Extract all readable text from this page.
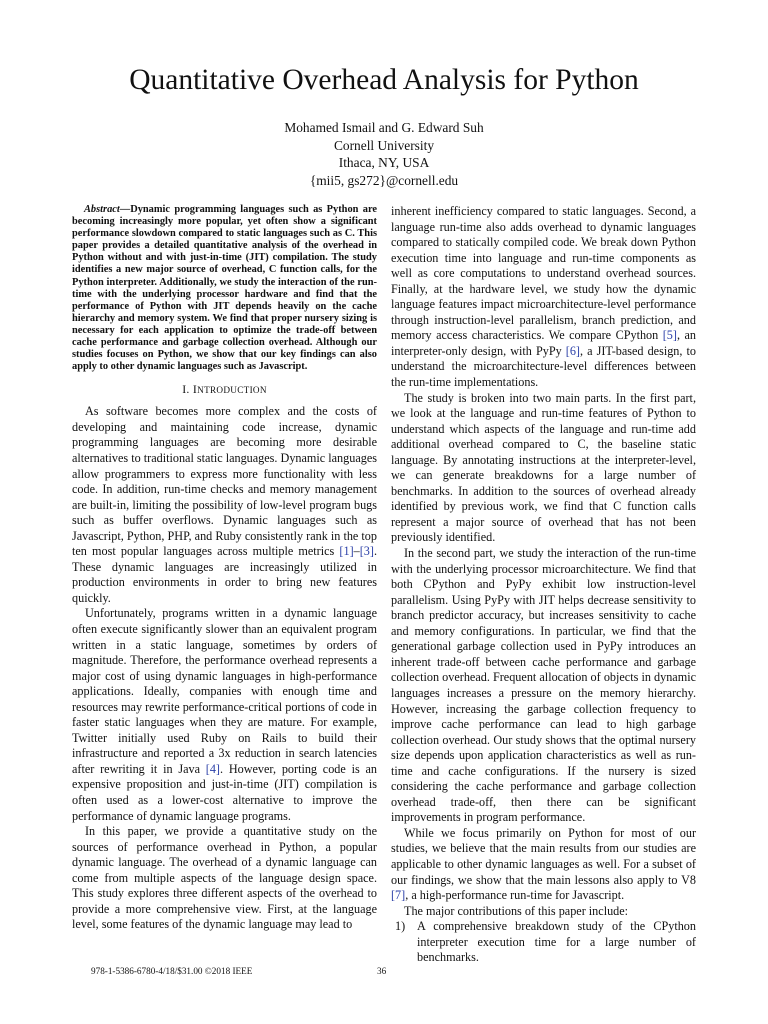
Quantitative Overhead Analysis for Python
Mohamed Ismail and G. Edward Suh
Cornell University
Ithaca, NY, USA
{mii5, gs272}@cornell.edu

Abstract—Dynamic programming languages such as Python are becoming increasingly more popular, yet often show a significant performance slowdown compared to static languages such as C. This paper provides a detailed quantitative analysis of the overhead in Python without and with just-in-time (JIT) compilation. The study identifies a new major source of overhead, C function calls, for the Python interpreter. Additionally, we study the interaction of the run-time with the underlying processor hardware and find that the performance of Python with JIT depends heavily on the cache hierarchy and memory system. We find that proper nursery sizing is necessary for each application to optimize the trade-off between cache performance and garbage collection overhead. Although our studies focuses on Python, we show that our key findings can also apply to other dynamic languages such as Javascript.

I. INTRODUCTION

As software becomes more complex and the costs of developing and maintaining code increase, dynamic programming languages are becoming more desirable alternatives to traditional static languages. Dynamic languages allow programmers to express more functionality with less code. In addition, run-time checks and memory management are built-in, limiting the possibility of low-level program bugs such as buffer overflows. Dynamic languages such as Javascript, Python, PHP, and Ruby consistently rank in the top ten most popular languages across multiple metrics [1]–[3]. These dynamic languages are increasingly utilized in production environments in order to bring new features quickly.

Unfortunately, programs written in a dynamic language often execute significantly slower than an equivalent program written in a static language, sometimes by orders of magnitude. Therefore, the performance overhead represents a major cost of using dynamic languages in high-performance applications. Ideally, companies with enough time and resources may rewrite performance-critical portions of code in faster static languages when they are mature. For example, Twitter initially used Ruby on Rails to build their infrastructure and reported a 3x reduction in search latencies after rewriting it in Java [4]. However, porting code is an expensive proposition and just-in-time (JIT) compilation is often used as a lower-cost alternative to improve the performance of dynamic language programs.

In this paper, we provide a quantitative study on the sources of performance overhead in Python, a popular dynamic language. The overhead of a dynamic language can come from multiple aspects of the language design space. This study explores three different aspects of the overhead to provide a more comprehensive view. First, at the language level, some features of the dynamic language may lead to

inherent inefficiency compared to static languages. Second, a language run-time also adds overhead to dynamic languages compared to statically compiled code. We break down Python execution time into language and run-time components as well as core computations to understand overhead sources. Finally, at the hardware level, we study how the dynamic language features impact microarchitecture-level performance through instruction-level parallelism, branch prediction, and memory access characteristics. We compare CPython [5], an interpreter-only design, with PyPy [6], a JIT-based design, to understand the microarchitecture-level differences between the run-time implementations.

The study is broken into two main parts. In the first part, we look at the language and run-time features of Python to understand which aspects of the language and run-time add additional overhead compared to C, the baseline static language. By annotating instructions at the interpreter-level, we can generate breakdowns for a large number of benchmarks. In addition to the sources of overhead already identified by previous work, we find that C function calls represent a major source of overhead that has not been previously identified.

In the second part, we study the interaction of the run-time with the underlying processor microarchitecture. We find that both CPython and PyPy exhibit low instruction-level parallelism. Using PyPy with JIT helps decrease sensitivity to branch predictor accuracy, but increases sensitivity to cache and memory configurations. In particular, we find that the generational garbage collection used in PyPy introduces an inherent trade-off between cache performance and garbage collection overhead. Frequent allocation of objects in dynamic languages increases a pressure on the memory hierarchy. However, increasing the garbage collection frequency to improve cache performance can lead to high garbage collection overhead. Our study shows that the optimal nursery size depends upon application characteristics as well as run-time and cache configurations. If the nursery is sized considering the cache performance and garbage collection overhead trade-off, then there can be significant improvements in program performance.

While we focus primarily on Python for most of our studies, we believe that the main results from our studies are applicable to other dynamic languages as well. For a subset of our findings, we show that the main lessons also apply to V8 [7], a high-performance run-time for Javascript.

The major contributions of this paper include:

1) A comprehensive breakdown study of the CPython interpreter execution time for a large number of benchmarks.
978-1-5386-6780-4/18/$31.00 ©2018 IEEE	36
